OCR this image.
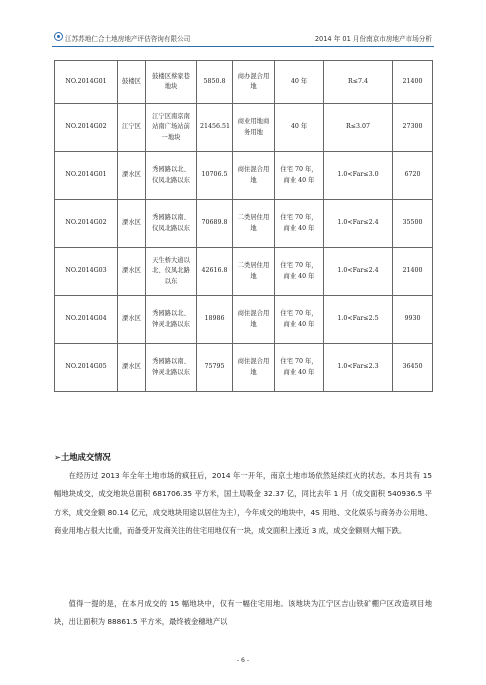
江苏苏地仁合土地房地产评估咨询有限公司	2014 年 01 月份南京市房地产市场分析
NO.2014G01	鼓楼区	鼓楼区蔡家巷地块	5850.8	商办混合用地	40 年	R≤7.4	21400
NO.2014G02	江宁区	江宁区南京南站南广场站前一地块	21456.51	商业用地商务用地	40 年	R≤3.07	27300
NO.2014G01	溧水区	秀园路以北、仪凤北路以东	10706.5	商住混合用地	住宅 70 年，商业 40 年	1.0<Far≤3.0	6720
NO.2014G02	溧水区	秀园路以南、仪凤北路以东	70689.8	二类居住用地	住宅 70 年，商业 40 年	1.0<Far≤2.4	35500
NO.2014G03	溧水区	天生桥大道以北、仪凤北路以东	42616.8	二类居住用地	住宅 70 年，商业 40 年	1.0<Far≤2.4	21400
NO.2014G04	溧水区	秀园路以北、钟灵北路以东	18986	商住混合用地	住宅 70 年，商业 40 年	1.0<Far≤2.5	9930
NO.2014G05	溧水区	秀园路以南、钟灵北路以东	75795	商住混合用地	住宅 70 年，商业 40 年	1.0<Far≤2.3	36450
➢土地成交情况

在经历过 2013 年全年土地市场的疯狂后，2014 年一开年，南京土地市场依然延续红火的状态。本月共有 15 幅地块成交，成交地块总面积 681706.35 平方米，国土局吸金 32.37 亿，同比去年 1 月（成交面积 540936.5 平方米，成交金额 80.14 亿元，成交地块用途以居住为主），今年成交的地块中，4S 用地、文化娱乐与商务办公用地、商业用地占很大比重，而备受开发商关注的住宅用地仅有一块，成交面积上涨近 3 成，成交金额则大幅下跌。

值得一提的是，在本月成交的 15 幅地块中，仅有一幅住宅用地。该地块为江宁区吉山铁矿棚户区改造项目地块，出让面积为 88861.5 平方米，最终被金穗地产以

- 6 -
